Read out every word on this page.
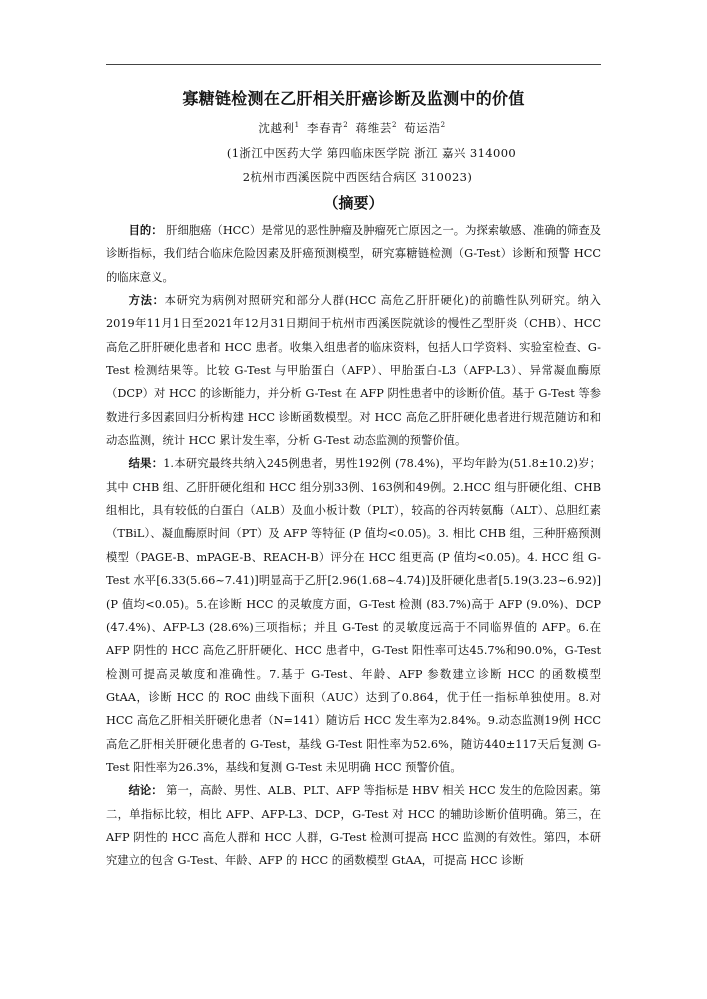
寡糖链检测在乙肝相关肝癌诊断及监测中的价值
沈越利$^1$ 李春青$^2$ 蒋维芸$^2$ 荀运浩$^2$
(1浙江中医药大学 第四临床医学院 浙江 嘉兴 314000
2杭州市西溪医院中西医结合病区 310023)
（摘要）

目的： 肝细胞癌（HCC）是常见的恶性肿瘤及肿瘤死亡原因之一。为探索敏感、准确的筛查及诊断指标，我们结合临床危险因素及肝癌预测模型，研究寡糖链检测（G-Test）诊断和预警 HCC 的临床意义。

方法：本研究为病例对照研究和部分人群(HCC 高危乙肝肝硬化)的前瞻性队列研究。纳入2019年11月1日至2021年12月31日期间于杭州市西溪医院就诊的慢性乙型肝炎（CHB）、HCC 高危乙肝肝硬化患者和 HCC 患者。收集入组患者的临床资料，包括人口学资料、实验室检查、G-Test 检测结果等。比较 G-Test 与甲胎蛋白（AFP）、甲胎蛋白-L3（AFP-L3）、异常凝血酶原（DCP）对 HCC 的诊断能力，并分析 G-Test 在 AFP 阴性患者中的诊断价值。基于 G-Test 等参数进行多因素回归分析构建 HCC 诊断函数模型。对 HCC 高危乙肝肝硬化患者进行规范随访和和动态监测，统计 HCC 累计发生率，分析 G-Test 动态监测的预警价值。

结果：1.本研究最终共纳入245例患者，男性192例 (78.4%)，平均年龄为(51.8±10.2)岁；其中 CHB 组、乙肝肝硬化组和 HCC 组分别33例、163例和49例。2.HCC 组与肝硬化组、CHB 组相比，具有较低的白蛋白（ALB）及血小板计数（PLT），较高的谷丙转氨酶（ALT）、总胆红素（TBiL）、凝血酶原时间（PT）及 AFP 等特征 (P 值均<0.05)。3. 相比 CHB 组，三种肝癌预测模型（PAGE-B、mPAGE-B、REACH-B）评分在 HCC 组更高 (P 值均<0.05)。4. HCC 组 G-Test 水平[6.33(5.66~7.41)]明显高于乙肝[2.96(1.68~4.74)]及肝硬化患者[5.19(3.23~6.92)] (P 值均<0.05)。5.在诊断 HCC 的灵敏度方面，G-Test 检测 (83.7%)高于 AFP (9.0%)、DCP (47.4%)、AFP-L3 (28.6%)三项指标；并且 G-Test 的灵敏度远高于不同临界值的 AFP。6.在 AFP 阴性的 HCC 高危乙肝肝硬化、HCC 患者中，G-Test 阳性率可达45.7%和90.0%，G-Test 检测可提高灵敏度和准确性。7.基于 G-Test、年龄、AFP 参数建立诊断 HCC 的函数模型 GtAA，诊断 HCC 的 ROC 曲线下面积（AUC）达到了0.864，优于任一指标单独使用。8.对 HCC 高危乙肝相关肝硬化患者（N=141）随访后 HCC 发生率为2.84%。9.动态监测19例 HCC 高危乙肝相关肝硬化患者的 G-Test，基线 G-Test 阳性率为52.6%，随访440±117天后复测 G-Test 阳性率为26.3%，基线和复测 G-Test 未见明确 HCC 预警价值。

结论： 第一，高龄、男性、ALB、PLT、AFP 等指标是 HBV 相关 HCC 发生的危险因素。第二，单指标比较，相比 AFP、AFP-L3、DCP，G-Test 对 HCC 的辅助诊断价值明确。第三，在 AFP 阴性的 HCC 高危人群和 HCC 人群，G-Test 检测可提高 HCC 监测的有效性。第四，本研究建立的包含 G-Test、年龄、AFP 的 HCC 的函数模型 GtAA，可提高 HCC 诊断
